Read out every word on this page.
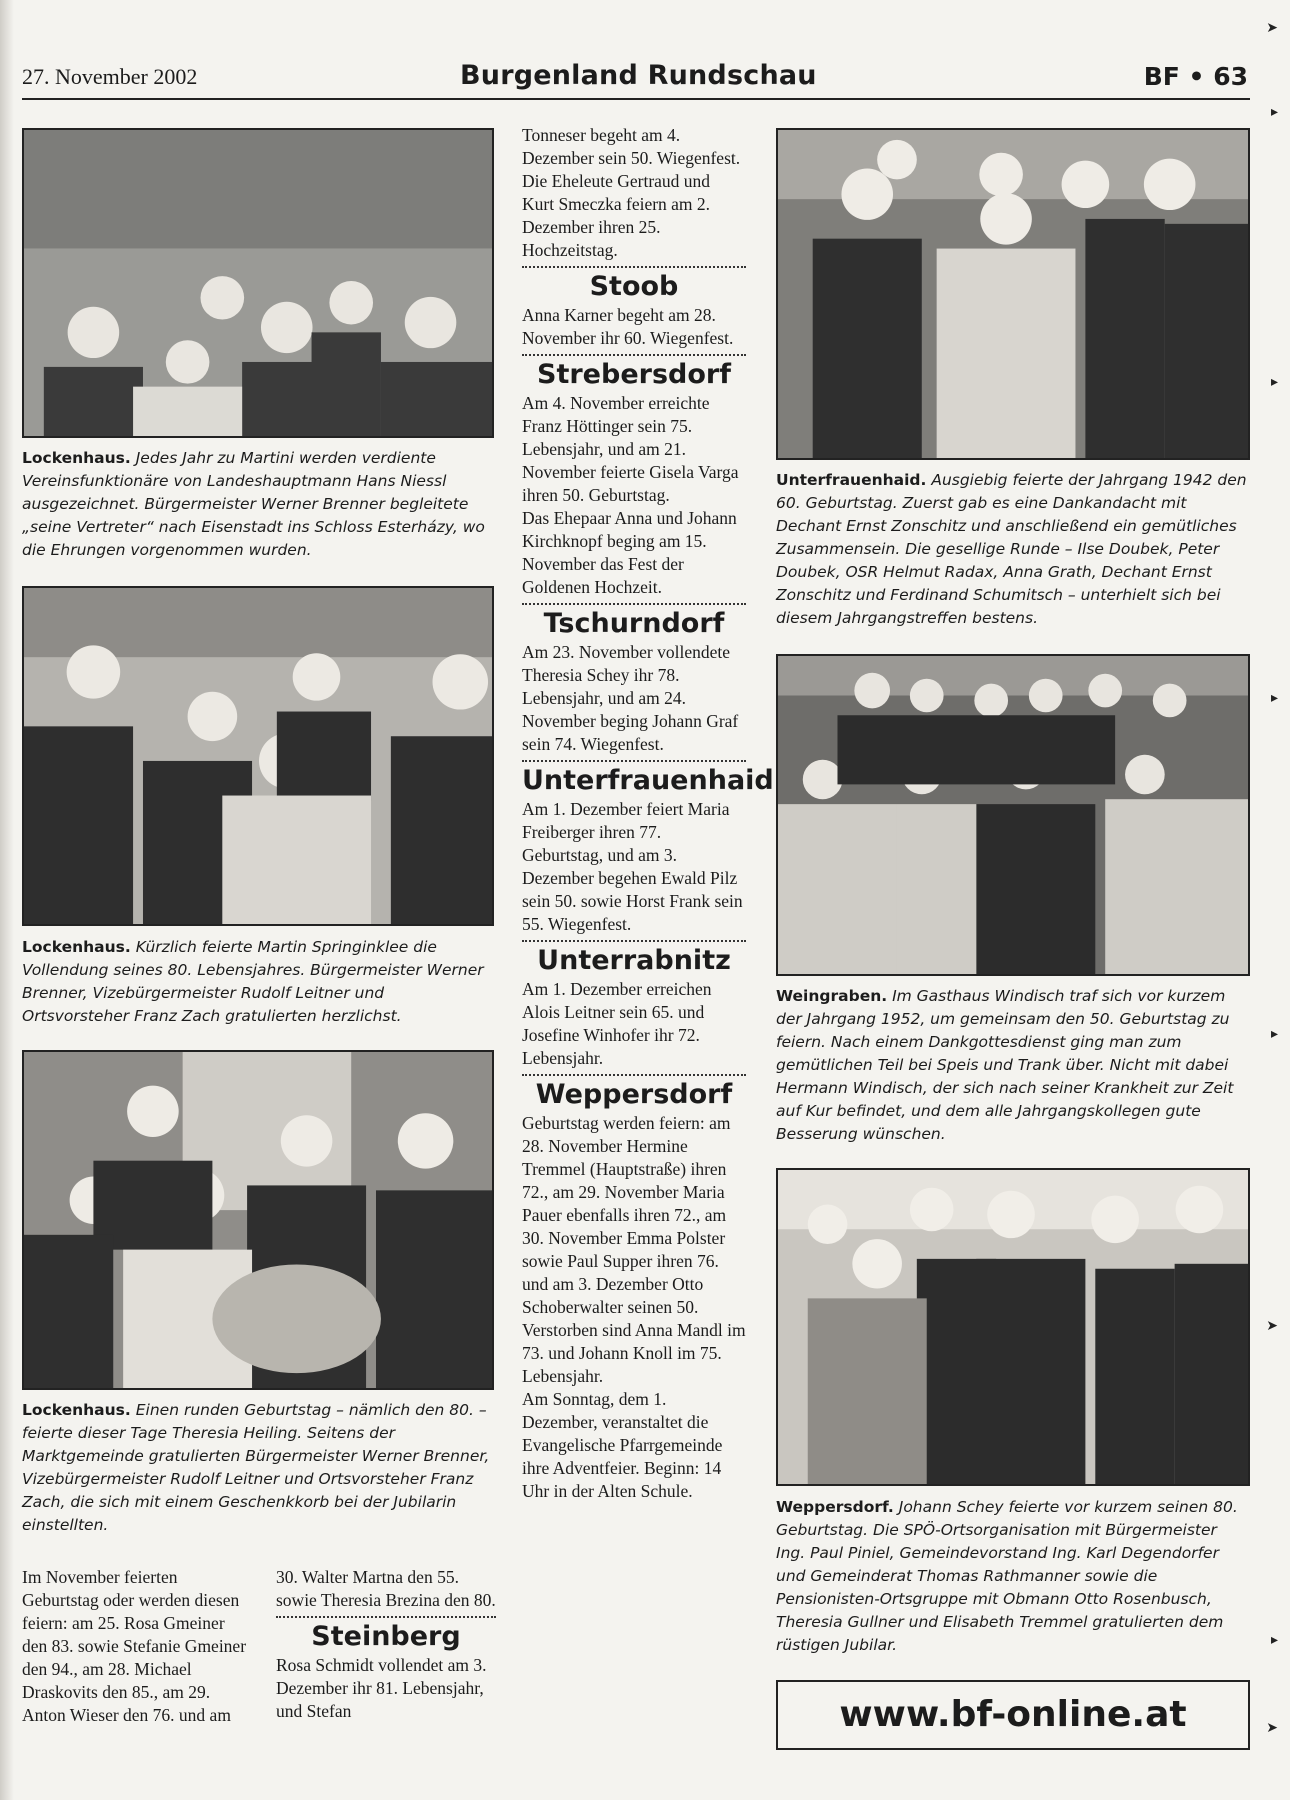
27. November 2002	Burgenland Rundschau	BF • 63
Lockenhaus. Jedes Jahr zu Martini werden verdiente Vereinsfunktionäre von Landeshauptmann Hans Niessl ausgezeichnet. Bürgermeister Werner Brenner begleitete „seine Vertreter“ nach Eisenstadt ins Schloss Esterházy, wo die Ehrungen vorgenommen wurden.
Lockenhaus. Kürzlich feierte Martin Springinklee die Vollendung seines 80. Lebensjahres. Bürgermeister Werner Brenner, Vizebürgermeister Rudolf Leitner und Ortsvorsteher Franz Zach gratulierten herzlichst.
Lockenhaus. Einen runden Geburtstag – nämlich den 80. – feierte dieser Tage Theresia Heiling. Seitens der Marktgemeinde gratulierten Bürgermeister Werner Brenner, Vizebürgermeister Rudolf Leitner und Ortsvorsteher Franz Zach, die sich mit einem Geschenkkorb bei der Jubilarin einstellten.

Im November feierten Geburtstag oder werden diesen feiern: am 25. Rosa Gmeiner den 83. sowie Stefanie Gmeiner den 94., am 28. Michael Draskovits den 85., am 29. Anton Wieser den 76. und am

30. Walter Martna den 55. sowie Theresia Brezina den 80.

Steinberg

Rosa Schmidt vollendet am 3. Dezember ihr 81. Lebensjahr, und Stefan

Tonneser begeht am 4. Dezember sein 50. Wiegenfest.

Die Eheleute Gertraud und Kurt Smeczka feiern am 2. Dezember ihren 25. Hochzeitstag.

Stoob

Anna Karner begeht am 28. November ihr 60. Wiegenfest.

Strebersdorf

Am 4. November erreichte Franz Höttinger sein 75. Lebensjahr, und am 21. November feierte Gisela Varga ihren 50. Geburtstag.

Das Ehepaar Anna und Johann Kirchknopf beging am 15. November das Fest der Goldenen Hochzeit.

Tschurndorf

Am 23. November vollendete Theresia Schey ihr 78. Lebensjahr, und am 24. November beging Johann Graf sein 74. Wiegenfest.

Unterfrauenhaid

Am 1. Dezember feiert Maria Freiberger ihren 77. Geburtstag, und am 3. Dezember begehen Ewald Pilz sein 50. sowie Horst Frank sein 55. Wiegenfest.

Unterrabnitz

Am 1. Dezember erreichen Alois Leitner sein 65. und Josefine Winhofer ihr 72. Lebensjahr.

Weppersdorf

Geburtstag werden feiern: am 28. November Hermine Tremmel (Hauptstraße) ihren 72., am 29. November Maria Pauer ebenfalls ihren 72., am 30. November Emma Polster sowie Paul Supper ihren 76. und am 3. Dezember Otto Schoberwalter seinen 50.

Verstorben sind Anna Mandl im 73. und Johann Knoll im 75. Lebensjahr.

Am Sonntag, dem 1. Dezember, veranstaltet die Evangelische Pfarrgemeinde ihre Adventfeier. Beginn: 14 Uhr in der Alten Schule.

Unterfrauenhaid. Ausgiebig feierte der Jahrgang 1942 den 60. Geburtstag. Zuerst gab es eine Dankandacht mit Dechant Ernst Zonschitz und anschließend ein gemütliches Zusammensein. Die gesellige Runde – Ilse Doubek, Peter Doubek, OSR Helmut Radax, Anna Grath, Dechant Ernst Zonschitz und Ferdinand Schumitsch – unterhielt sich bei diesem Jahrgangstreffen bestens.
Weingraben. Im Gasthaus Windisch traf sich vor kurzem der Jahrgang 1952, um gemeinsam den 50. Geburtstag zu feiern. Nach einem Dankgottesdienst ging man zum gemütlichen Teil bei Speis und Trank über. Nicht mit dabei Hermann Windisch, der sich nach seiner Krankheit zur Zeit auf Kur befindet, und dem alle Jahrgangskollegen gute Besserung wünschen.
Weppersdorf. Johann Schey feierte vor kurzem seinen 80. Geburtstag. Die SPÖ-Ortsorganisation mit Bürgermeister Ing. Paul Piniel, Gemeindevorstand Ing. Karl Degendorfer und Gemeinderat Thomas Rathmanner sowie die Pensionisten-Ortsgruppe mit Obmann Otto Rosenbusch, Theresia Gullner und Elisabeth Tremmel gratulierten dem rüstigen Jubilar.
www.bf-online.at
➤
▸
▸
▸
▸
➤
▸
➤
